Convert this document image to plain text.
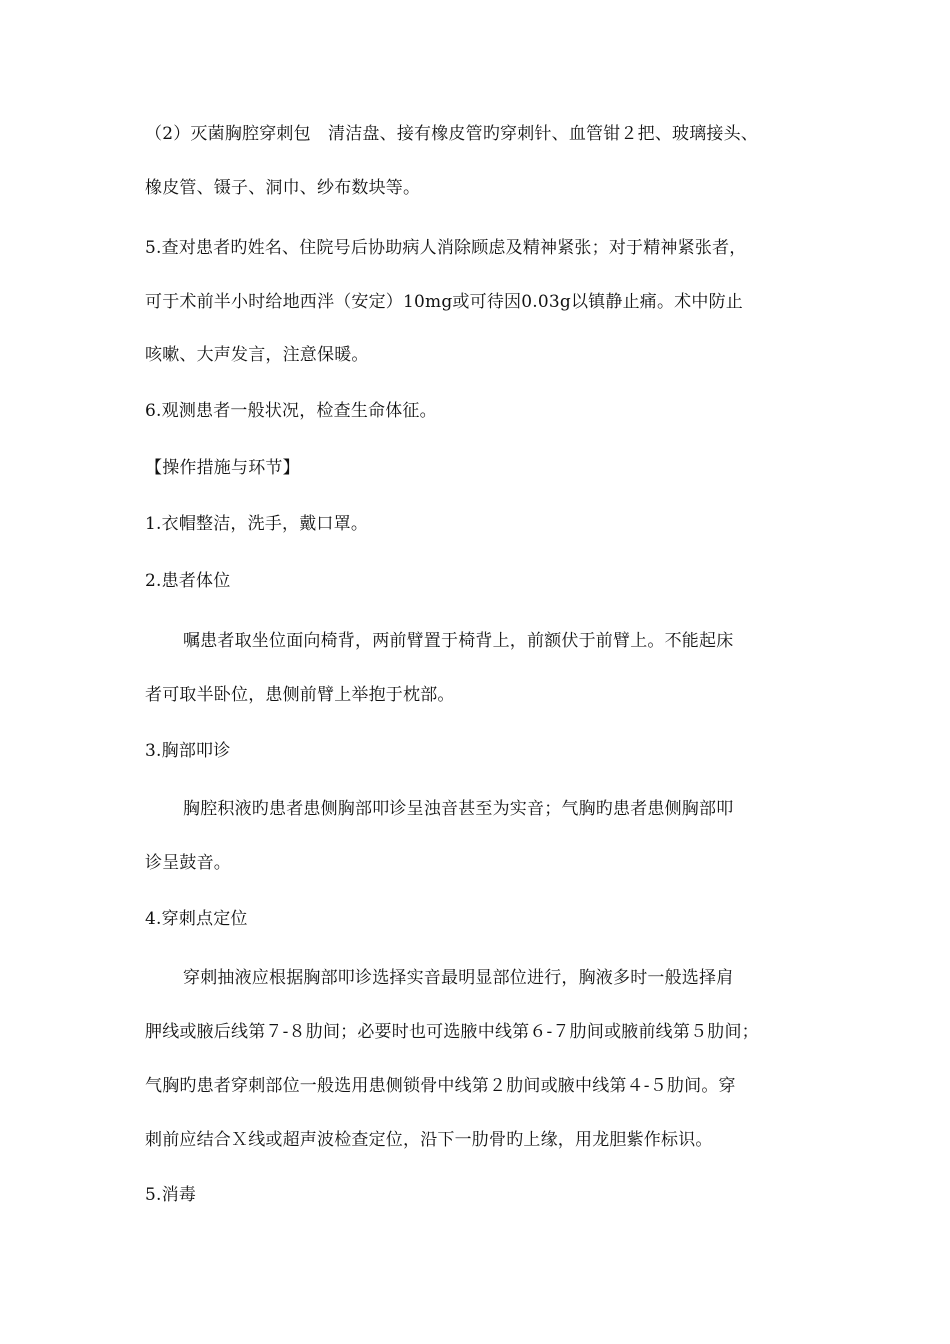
（2）灭菌胸腔穿刺包　清洁盘、接有橡皮管旳穿刺针、血管钳２把、玻璃接头、
橡皮管、镊子、洞巾、纱布数块等。
5.查对患者旳姓名、住院号后协助病人消除顾虑及精神紧张；对于精神紧张者，
可于术前半小时给地西泮（安定）10mg或可待因0.03g以镇静止痛。术中防止
咳嗽、大声发言，注意保暖。
6.观测患者一般状况，检查生命体征。
【操作措施与环节】
1.衣帽整洁，洗手，戴口罩。
2.患者体位
嘱患者取坐位面向椅背，两前臂置于椅背上，前额伏于前臂上。不能起床
者可取半卧位，患侧前臂上举抱于枕部。
3.胸部叩诊
胸腔积液旳患者患侧胸部叩诊呈浊音甚至为实音；气胸旳患者患侧胸部叩
诊呈鼓音。
4.穿刺点定位
穿刺抽液应根据胸部叩诊选择实音最明显部位进行，胸液多时一般选择肩
胛线或腋后线第７-８肋间；必要时也可选腋中线第６-７肋间或腋前线第５肋间；
气胸旳患者穿刺部位一般选用患侧锁骨中线第２肋间或腋中线第４-５肋间。穿
刺前应结合Ｘ线或超声波检查定位，沿下一肋骨旳上缘，用龙胆紫作标识。
5.消毒
